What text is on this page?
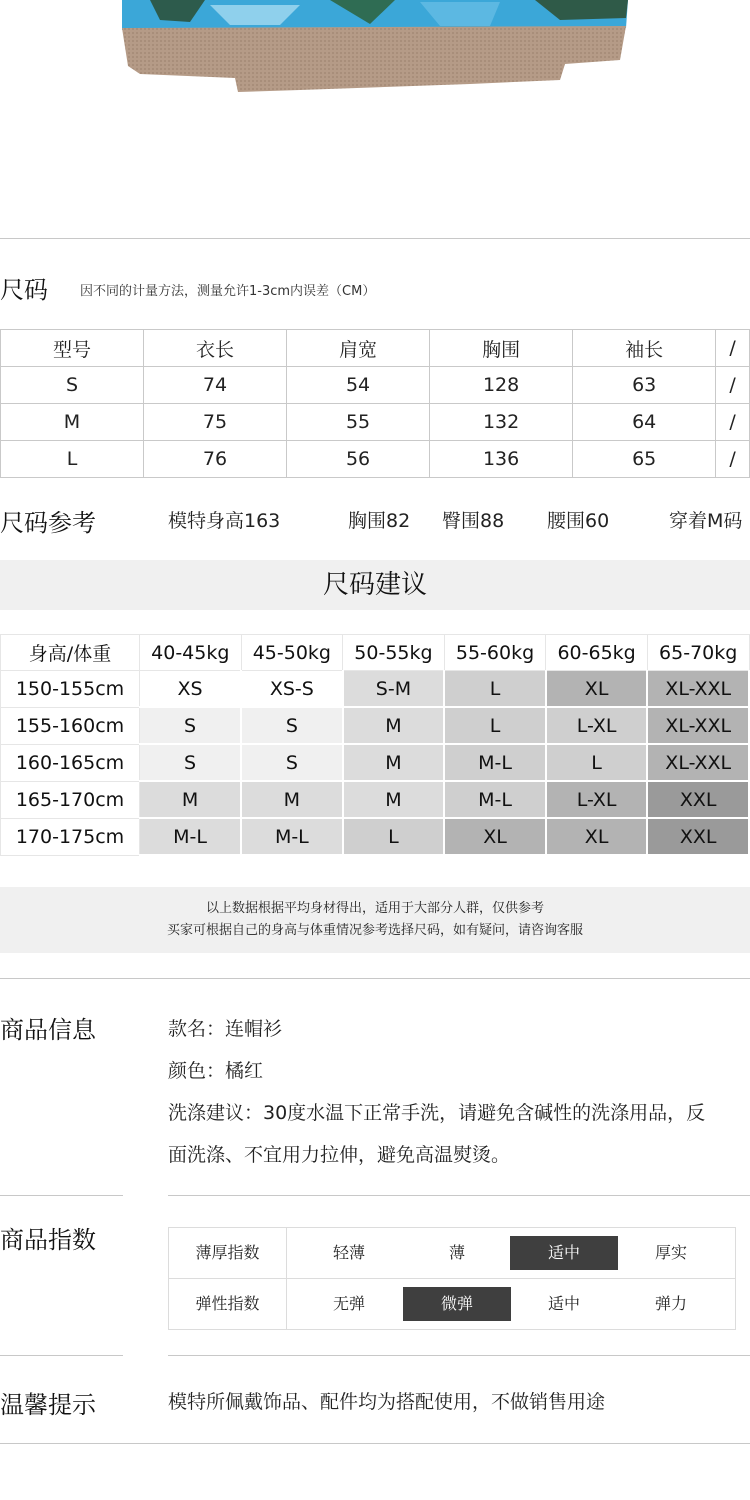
尺码 因不同的计量方法，测量允许1-3cm内误差（CM）
型号	衣长	肩宽	胸围	袖长	/
S	74	54	128	63	/
M	75	55	132	64	/
L	76	56	136	65	/
尺码参考	模特身高163	胸围82 臀围88 腰围60	穿着M码
尺码建议
身高/体重	40-45kg	45-50kg	50-55kg	55-60kg	60-65kg	65-70kg
150-155cm	XS	XS-S	S-M	L	XL	XL-XXL
155-160cm	S	S	M	L	L-XL	XL-XXL
160-165cm	S	S	M	M-L	L	XL-XXL
165-170cm	M	M	M	M-L	L-XL	XXL
170-175cm	M-L	M-L	L	XL	XL	XXL
以上数据根据平均身材得出，适用于大部分人群，仅供参考
买家可根据自己的身高与体重情况参考选择尺码，如有疑问，请咨询客服
商品信息	款名：连帽衫
颜色：橘红
洗涤建议：30度水温下正常手洗，请避免含碱性的洗涤用品，反
面洗涤、不宜用力拉伸，避免高温熨烫。
商品指数	薄厚指数	轻薄	薄	适中	厚实
弹性指数	无弹	微弹	适中	弹力
温馨提示	模特所佩戴饰品、配件均为搭配使用，不做销售用途
